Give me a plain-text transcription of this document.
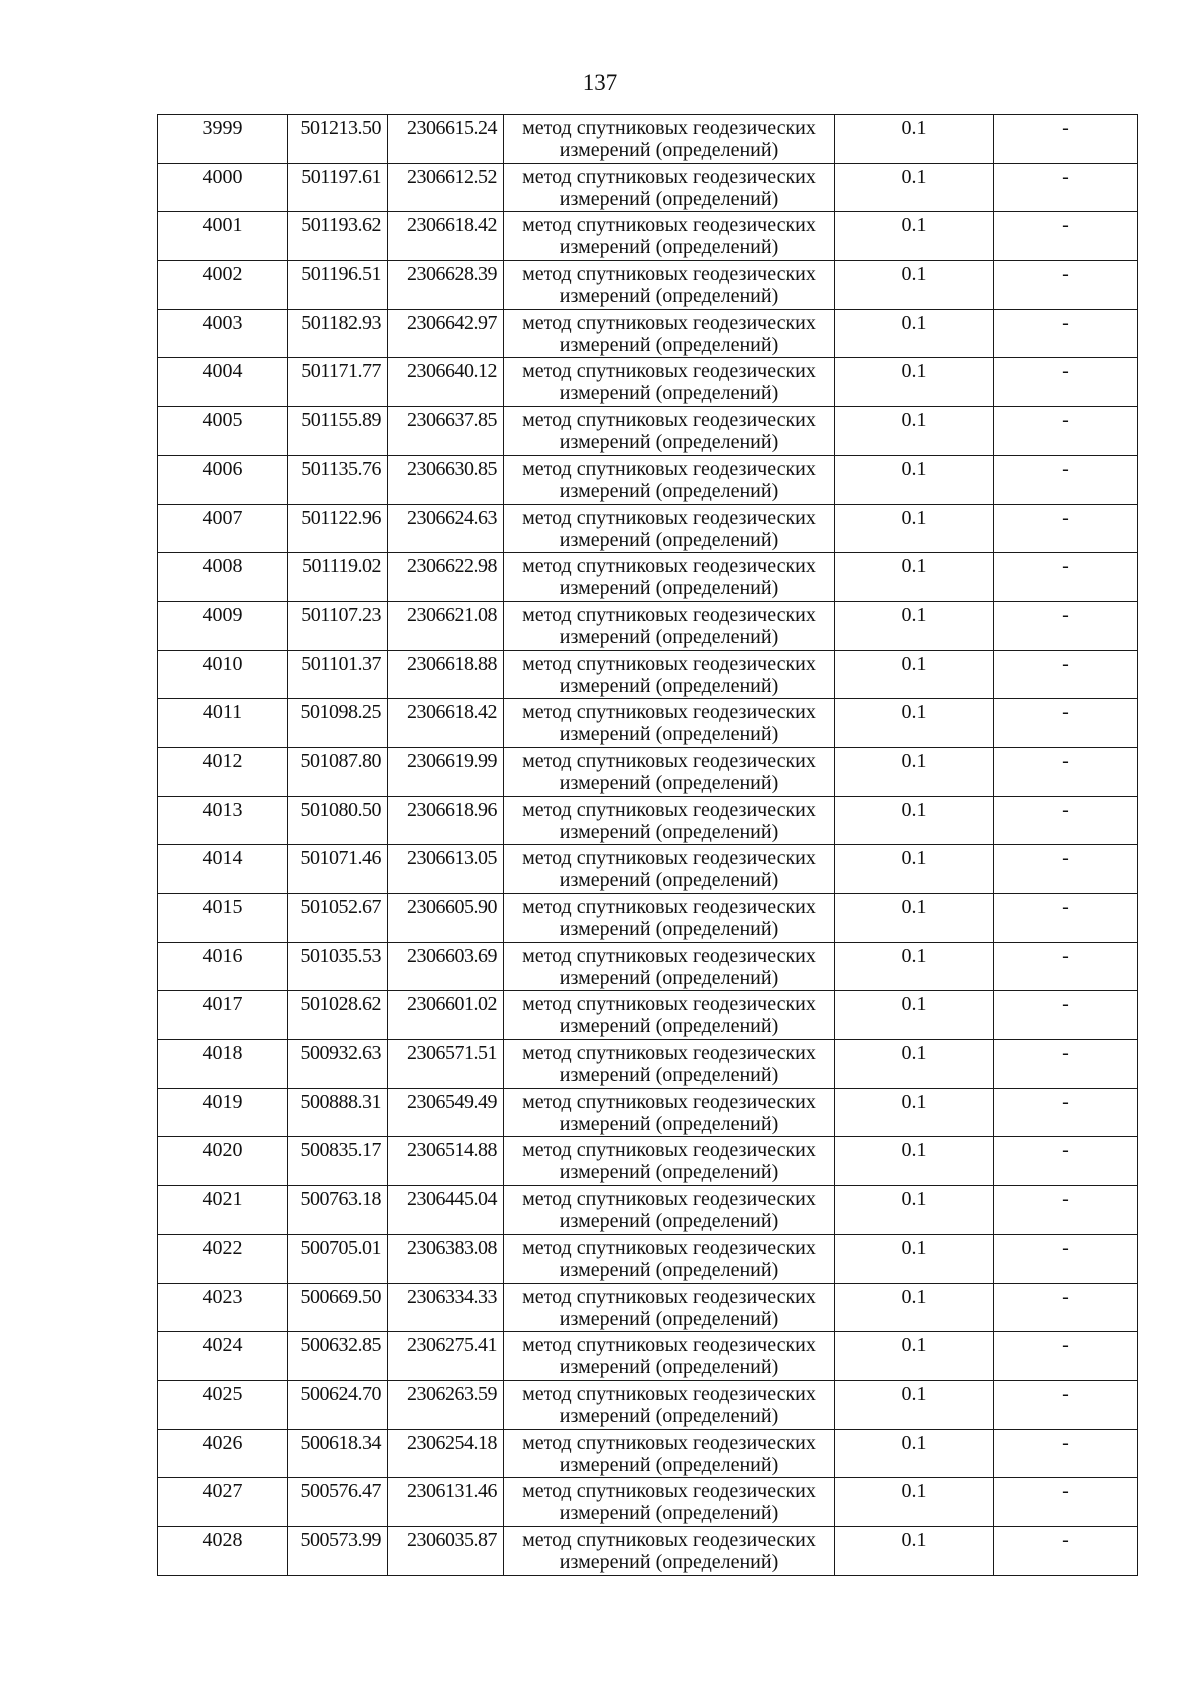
137
3999	501213.50	2306615.24	метод спутниковых геодезических измерений (определений)	0.1	-
4000	501197.61	2306612.52	метод спутниковых геодезических измерений (определений)	0.1	-
4001	501193.62	2306618.42	метод спутниковых геодезических измерений (определений)	0.1	-
4002	501196.51	2306628.39	метод спутниковых геодезических измерений (определений)	0.1	-
4003	501182.93	2306642.97	метод спутниковых геодезических измерений (определений)	0.1	-
4004	501171.77	2306640.12	метод спутниковых геодезических измерений (определений)	0.1	-
4005	501155.89	2306637.85	метод спутниковых геодезических измерений (определений)	0.1	-
4006	501135.76	2306630.85	метод спутниковых геодезических измерений (определений)	0.1	-
4007	501122.96	2306624.63	метод спутниковых геодезических измерений (определений)	0.1	-
4008	501119.02	2306622.98	метод спутниковых геодезических измерений (определений)	0.1	-
4009	501107.23	2306621.08	метод спутниковых геодезических измерений (определений)	0.1	-
4010	501101.37	2306618.88	метод спутниковых геодезических измерений (определений)	0.1	-
4011	501098.25	2306618.42	метод спутниковых геодезических измерений (определений)	0.1	-
4012	501087.80	2306619.99	метод спутниковых геодезических измерений (определений)	0.1	-
4013	501080.50	2306618.96	метод спутниковых геодезических измерений (определений)	0.1	-
4014	501071.46	2306613.05	метод спутниковых геодезических измерений (определений)	0.1	-
4015	501052.67	2306605.90	метод спутниковых геодезических измерений (определений)	0.1	-
4016	501035.53	2306603.69	метод спутниковых геодезических измерений (определений)	0.1	-
4017	501028.62	2306601.02	метод спутниковых геодезических измерений (определений)	0.1	-
4018	500932.63	2306571.51	метод спутниковых геодезических измерений (определений)	0.1	-
4019	500888.31	2306549.49	метод спутниковых геодезических измерений (определений)	0.1	-
4020	500835.17	2306514.88	метод спутниковых геодезических измерений (определений)	0.1	-
4021	500763.18	2306445.04	метод спутниковых геодезических измерений (определений)	0.1	-
4022	500705.01	2306383.08	метод спутниковых геодезических измерений (определений)	0.1	-
4023	500669.50	2306334.33	метод спутниковых геодезических измерений (определений)	0.1	-
4024	500632.85	2306275.41	метод спутниковых геодезических измерений (определений)	0.1	-
4025	500624.70	2306263.59	метод спутниковых геодезических измерений (определений)	0.1	-
4026	500618.34	2306254.18	метод спутниковых геодезических измерений (определений)	0.1	-
4027	500576.47	2306131.46	метод спутниковых геодезических измерений (определений)	0.1	-
4028	500573.99	2306035.87	метод спутниковых геодезических измерений (определений)	0.1	-
